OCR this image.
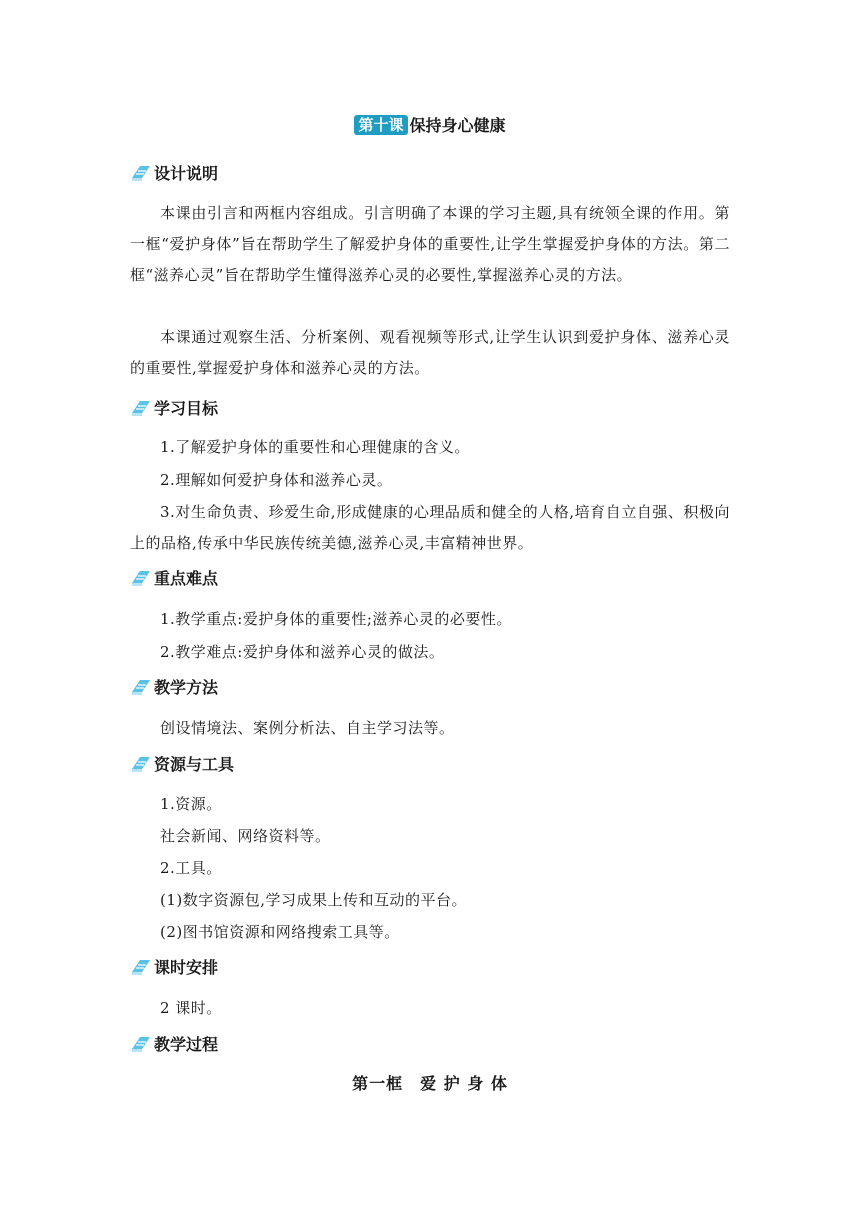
第十课 保持身心健康
设计说明

本课由引言和两框内容组成。引言明确了本课的学习主题,具有统领全课的作用。第一框“爱护身体”旨在帮助学生了解爱护身体的重要性,让学生掌握爱护身体的方法。第二框“滋养心灵”旨在帮助学生懂得滋养心灵的必要性,掌握滋养心灵的方法。

本课通过观察生活、分析案例、观看视频等形式,让学生认识到爱护身体、滋养心灵的重要性,掌握爱护身体和滋养心灵的方法。

学习目标

1.了解爱护身体的重要性和心理健康的含义。

2.理解如何爱护身体和滋养心灵。

3.对生命负责、珍爱生命,形成健康的心理品质和健全的人格,培育自立自强、积极向上的品格,传承中华民族传统美德,滋养心灵,丰富精神世界。

重点难点

1.教学重点:爱护身体的重要性;滋养心灵的必要性。

2.教学难点:爱护身体和滋养心灵的做法。

教学方法

创设情境法、案例分析法、自主学习法等。

资源与工具

1.资源。

社会新闻、网络资料等。

2.工具。

(1)数字资源包,学习成果上传和互动的平台。

(2)图书馆资源和网络搜索工具等。

课时安排

2 课时。

教学过程
第一框　爱 护 身 体
